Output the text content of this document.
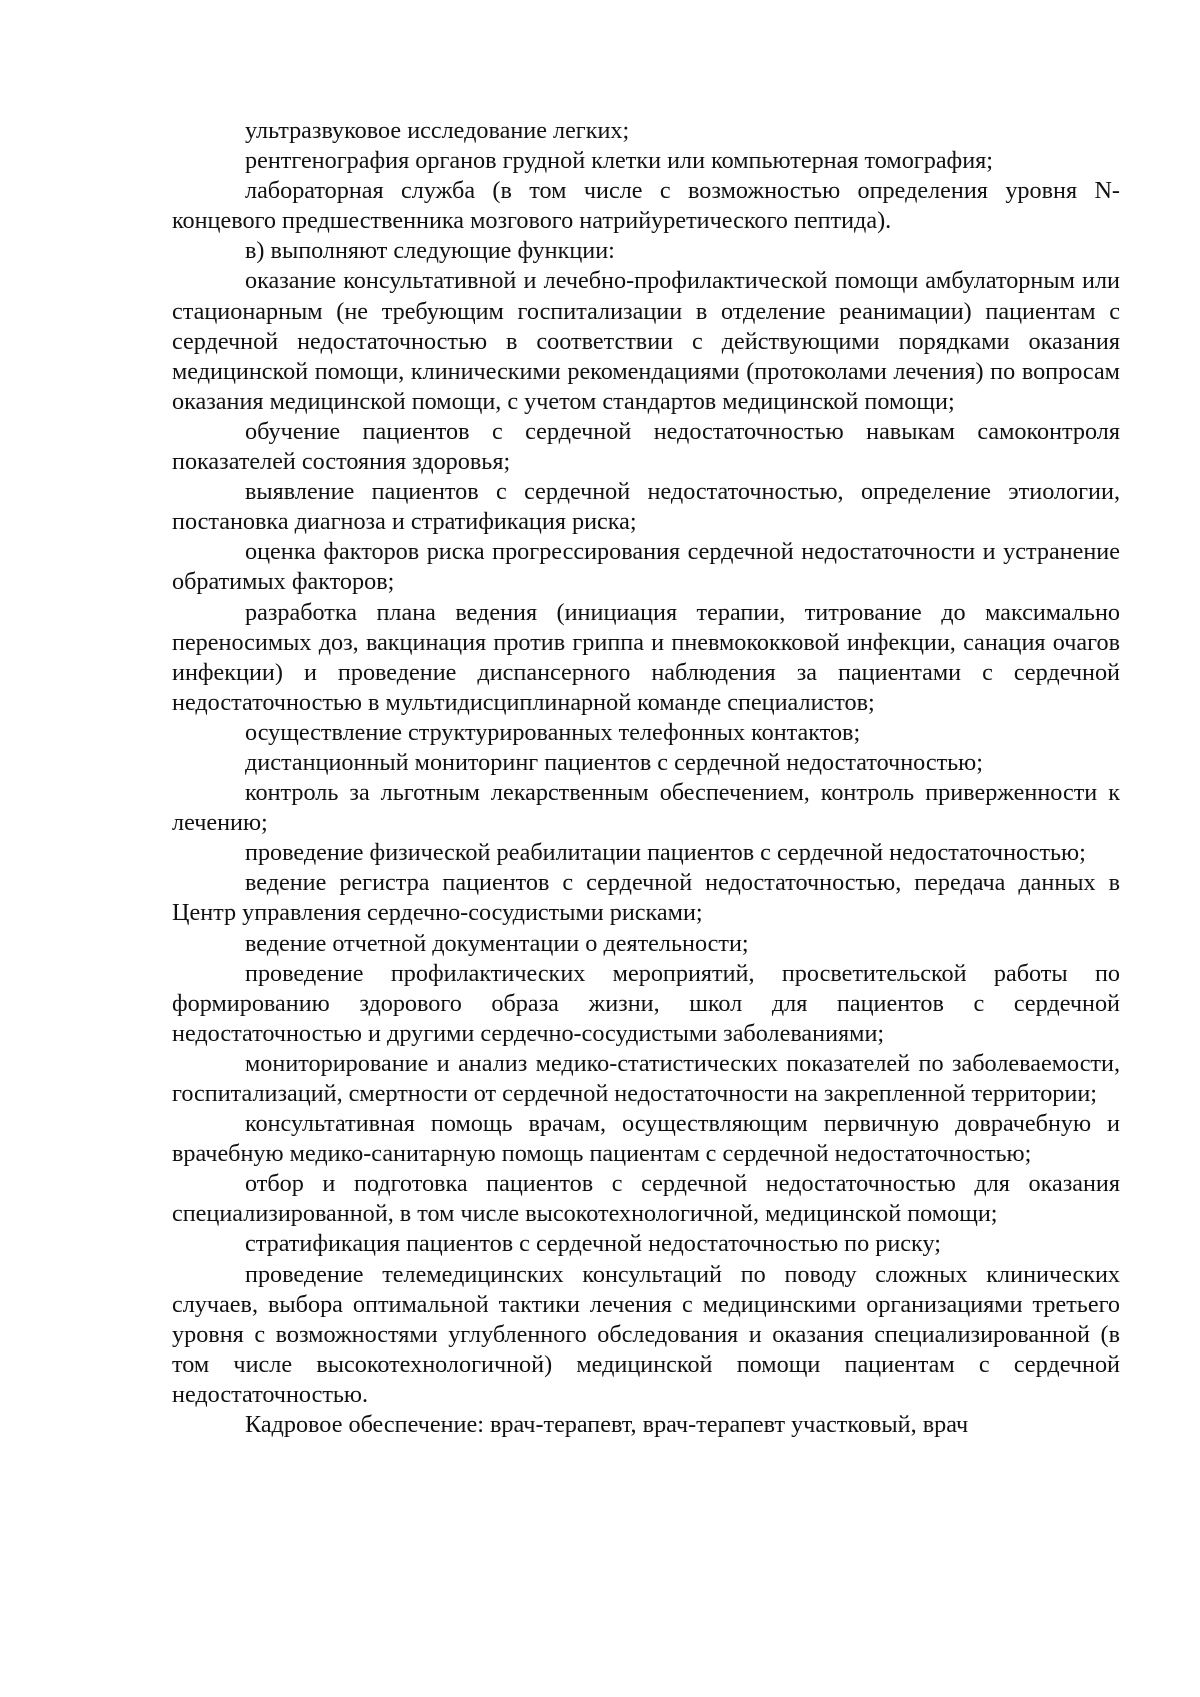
ультразвуковое исследование легких;

рентгенография органов грудной клетки или компьютерная томография;

лабораторная служба (в том числе с возможностью определения уровня N-концевого предшественника мозгового натрийуретического пептида).

в) выполняют следующие функции:

оказание консультативной и лечебно-профилактической помощи амбулаторным или стационарным (не требующим госпитализации в отделение реанимации) пациентам с сердечной недостаточностью в соответствии с действующими порядками оказания медицинской помощи, клиническими рекомендациями (протоколами лечения) по вопросам оказания медицинской помощи, с учетом стандартов медицинской помощи;

обучение пациентов с сердечной недостаточностью навыкам самоконтроля показателей состояния здоровья;

выявление пациентов с сердечной недостаточностью, определение этиологии, постановка диагноза и стратификация риска;

оценка факторов риска прогрессирования сердечной недостаточности и устранение обратимых факторов;

разработка плана ведения (инициация терапии, титрование до максимально переносимых доз, вакцинация против гриппа и пневмококковой инфекции, санация очагов инфекции) и проведение диспансерного наблюдения за пациентами с сердечной недостаточностью в мультидисциплинарной команде специалистов;

осуществление структурированных телефонных контактов;

дистанционный мониторинг пациентов с сердечной недостаточностью;

контроль за льготным лекарственным обеспечением, контроль приверженности к лечению;

проведение физической реабилитации пациентов с сердечной недостаточностью;

ведение регистра пациентов с сердечной недостаточностью, передача данных в Центр управления сердечно-сосудистыми рисками;

ведение отчетной документации о деятельности;

проведение профилактических мероприятий, просветительской работы по формированию здорового образа жизни, школ для пациентов с сердечной недостаточностью и другими сердечно-сосудистыми заболеваниями;

мониторирование и анализ медико-статистических показателей по заболеваемости, госпитализаций, смертности от сердечной недостаточности на закрепленной территории;

консультативная помощь врачам, осуществляющим первичную доврачебную и врачебную медико-санитарную помощь пациентам с сердечной недостаточностью;

отбор и подготовка пациентов с сердечной недостаточностью для оказания специализированной, в том числе высокотехнологичной, медицинской помощи;

стратификация пациентов с сердечной недостаточностью по риску;

проведение телемедицинских консультаций по поводу сложных клинических случаев, выбора оптимальной тактики лечения с медицинскими организациями третьего уровня с возможностями углубленного обследования и оказания специализированной (в том числе высокотехнологичной) медицинской помощи пациентам с сердечной недостаточностью.

Кадровое обеспечение: врач-терапевт, врач-терапевт участковый, врач
